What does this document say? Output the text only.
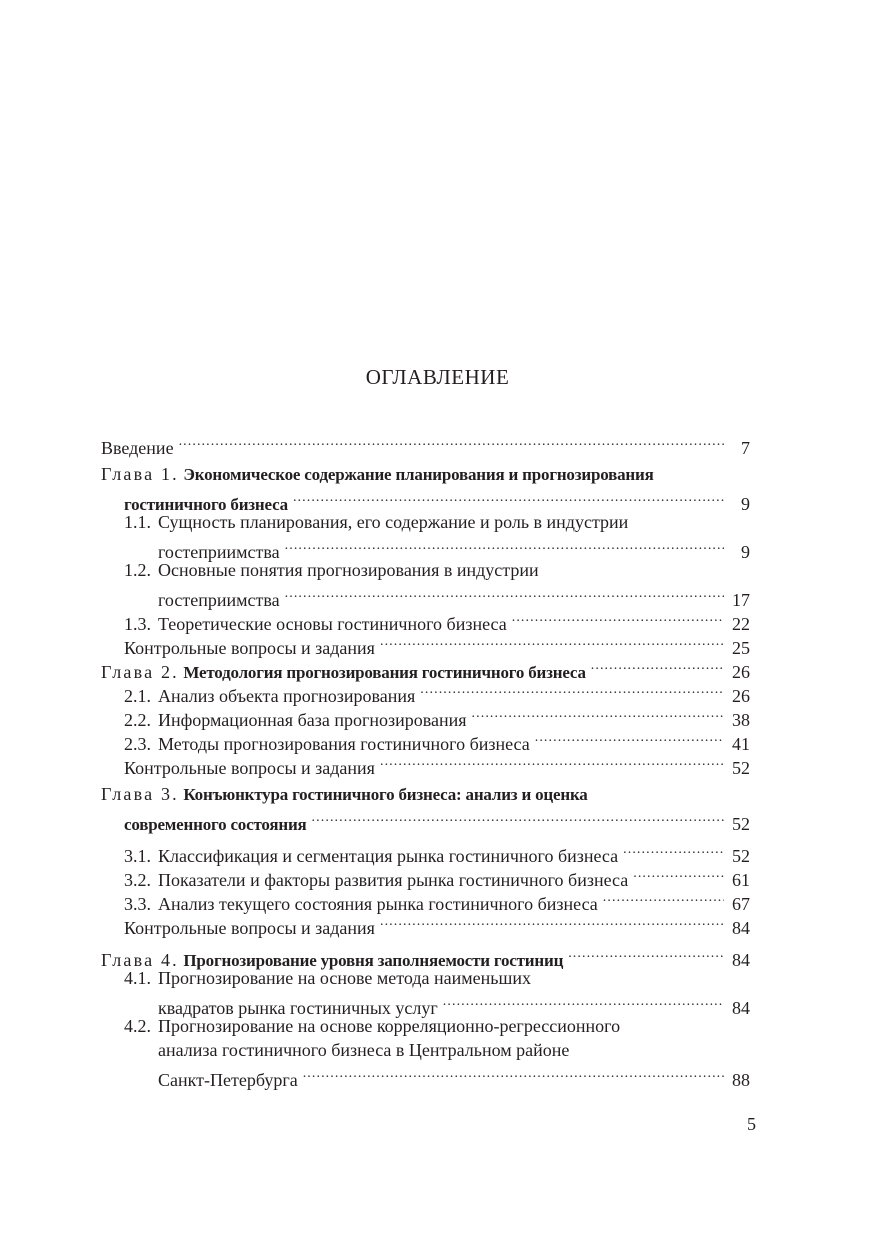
ОГЛАВЛЕНИЕ
Введение .....	7
Глава 1. Экономическое содержание планирования и прогнозирования
гостиничного бизнеса .....	9
1.1. Сущность планирования, его содержание и роль в индустрии
гостеприимства .....	9
1.2. Основные понятия прогнозирования в индустрии
гостеприимства .....	17
1.3. Теоретические основы гостиничного бизнеса .....	22
Контрольные вопросы и задания .....	25
Глава 2. Методология прогнозирования гостиничного бизнеса .....	26
2.1. Анализ объекта прогнозирования .....	26
2.2. Информационная база прогнозирования .....	38
2.3. Методы прогнозирования гостиничного бизнеса .....	41
Контрольные вопросы и задания .....	52
Глава 3. Конъюнктура гостиничного бизнеса: анализ и оценка
современного состояния .....	52
3.1. Классификация и сегментация рынка гостиничного бизнеса .....	52
3.2. Показатели и факторы развития рынка гостиничного бизнеса .....	61
3.3. Анализ текущего состояния рынка гостиничного бизнеса .....	67
Контрольные вопросы и задания .....	84
Глава 4. Прогнозирование уровня заполняемости гостиниц .....	84
4.1. Прогнозирование на основе метода наименьших
квадратов рынка гостиничных услуг .....	84
4.2. Прогнозирование на основе корреляционно-регрессионного
анализа гостиничного бизнеса в Центральном районе
Санкт-Петербурга .....	88
5
